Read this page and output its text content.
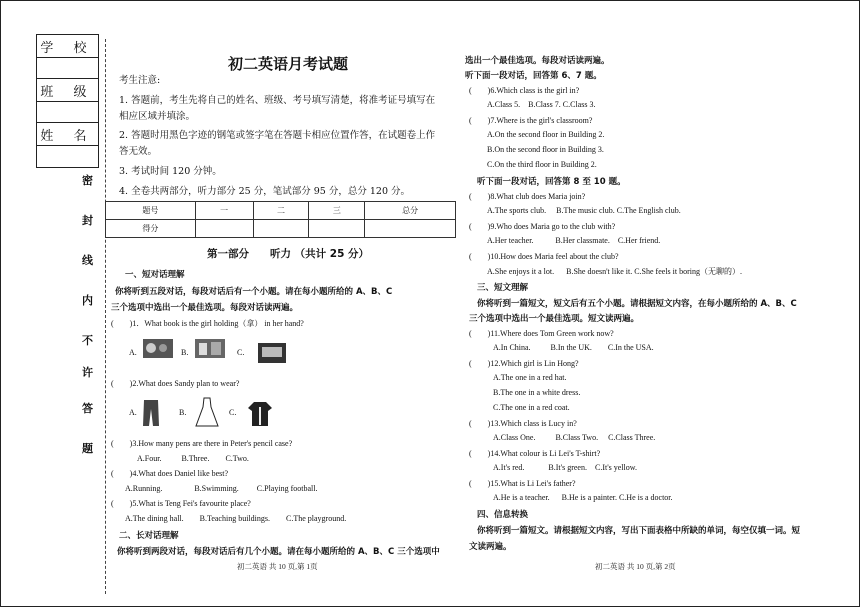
学 校
班 级
姓 名
密
封
线
内
不
许
答
题
初二英语月考试题
考生注意:
1. 答题前，考生先将自己的姓名、班级、考号填写清楚，将准考证号填写在
相应区域并填涂。
2. 答题时用黑色字迹的钢笔或签字笔在答题卡相应位置作答，在试题卷上作
答无效。
3. 考试时间 120 分钟。
4. 全卷共两部分，听力部分 25 分，笔试部分 95 分，总分 120 分。
题号	一	二	三	总分
得分				
第一部分　　听力 （共计 25 分）
一、短对话理解
你将听到五段对话，每段对话后有一个小题。请在每小题所给的 A、B、C
三个选项中选出一个最佳选项。每段对话读两遍。
(　　)1．What book is the girl holding（拿） in her hand?
A.	B.	C.
(　　)2.What does Sandy plan to wear?
A.	B.	C.
(　　)3.How many pens are there in Peter's pencil case?
A.Four.          B.Three.        C.Two.
(　　)4.What does Daniel like best?
A.Running.                B.Swimming.         C.Playing football.
(　　)5.What is Teng Fei's favourite place?
A.The dining hall.        B.Teaching buildings.        C.The playground.
二、长对话理解
你将听到两段对话，每段对话后有几个小题。请在每小题所给的 A、B、C 三个选项中
初二英语 共 10 页,第 1页
选出一个最佳选项。每段对话读两遍。
听下面一段对话，回答第 6、7 题。
(　　)6.Which class is the girl in?
A.Class 5.    B.Class 7. C.Class 3.
(　　)7.Where is the girl's classroom?
A.On the second floor in Building 2.
B.On the second floor in Building 3.
C.On the third floor in Building 2.
听下面一段对话，回答第 8 至 10 题。
(　　)8.What club does Maria join?
A.The sports club.     B.The music club. C.The English club.
(　　)9.Who does Maria go to the club with?
A.Her teacher.           B.Her classmate.    C.Her friend.
(　　)10.How does Maria feel about the club?
A.She enjoys it a lot.      B.She doesn't like it. C.She feels it boring（无聊的）.
三、短文理解
你将听到一篇短文，短文后有五个小题。请根据短文内容，在每小题所给的 A、B、C
三个选项中选出一个最佳选项。短文读两遍。
(　　)11.Where does Tom Green work now?
A.In China.          B.In the UK.        C.In the USA.
(　　)12.Which girl is Lin Hong?
A.The one in a red hat.
B.The one in a white dress.
C.The one in a red coat.
(　　)13.Which class is Lucy in?
A.Class One.          B.Class Two.     C.Class Three.
(　　)14.What colour is Li Lei's T-shirt?
A.It's red.            B.It's green.    C.It's yellow.
(　　)15.What is Li Lei's father?
A.He is a teacher.      B.He is a painter. C.He is a doctor.
四、信息转换
你将听到一篇短文。请根据短文内容，写出下面表格中所缺的单词，每空仅填一词。短
文读两遍。
初二英语 共 10 页,第 2页
